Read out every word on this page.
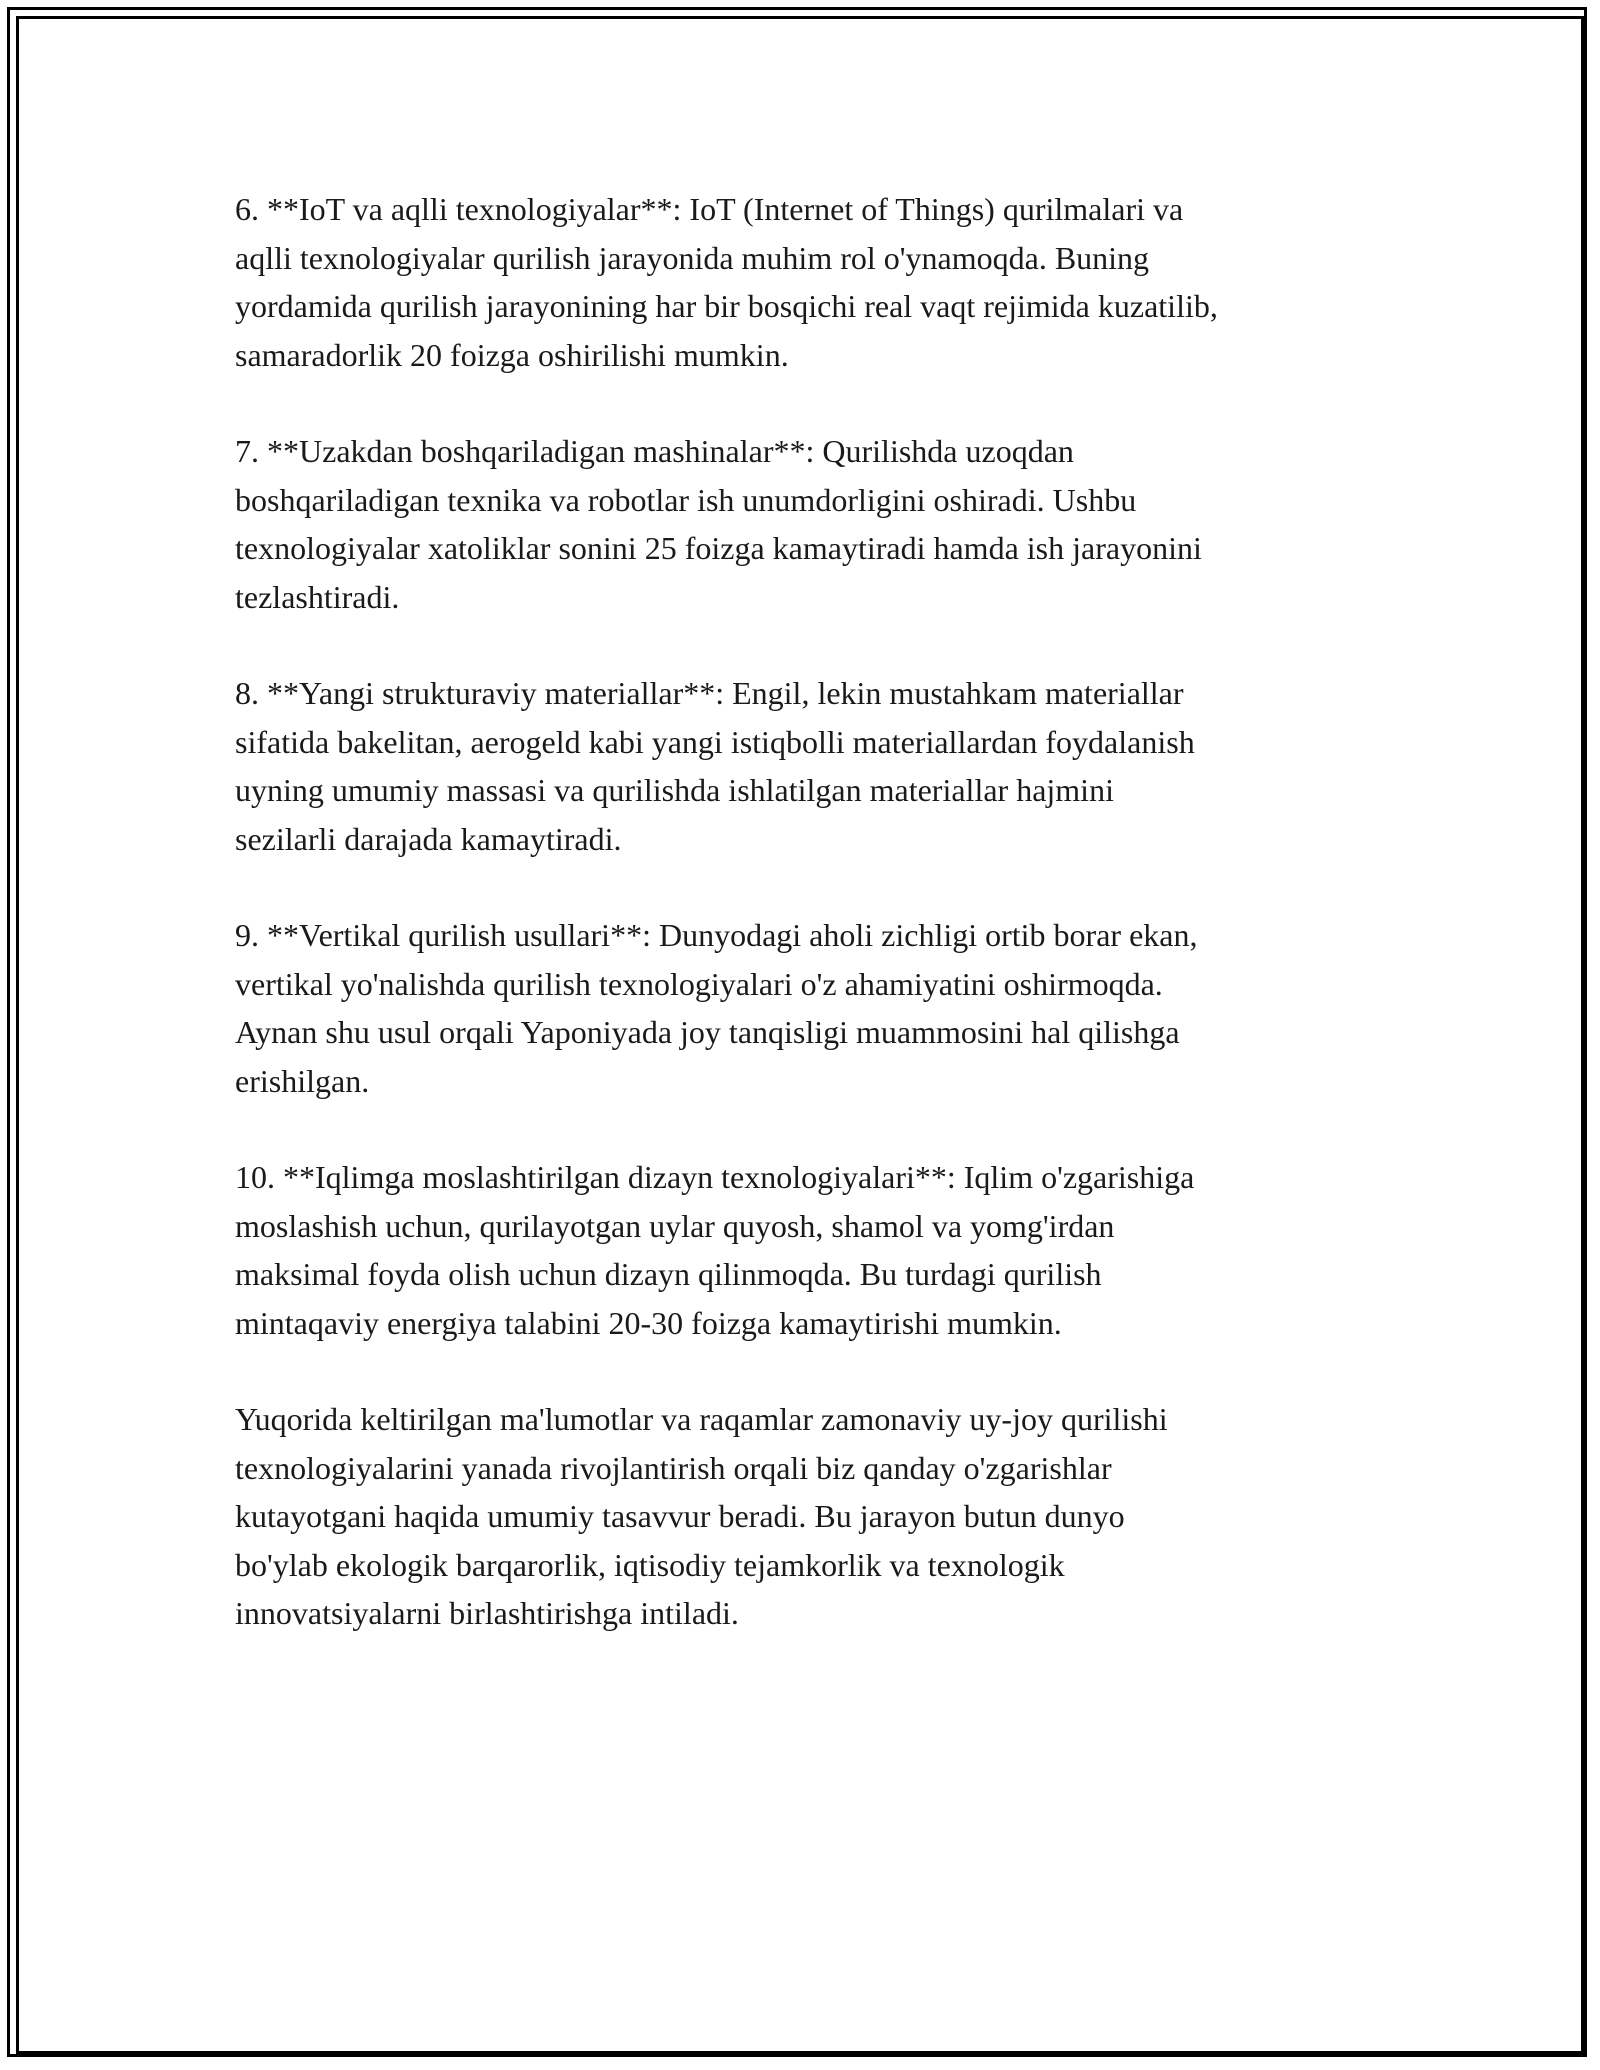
6. **IoT va aqlli texnologiyalar**: IoT (Internet of Things) qurilmalari va
aqlli texnologiyalar qurilish jarayonida muhim rol o'ynamoqda. Buning
yordamida qurilish jarayonining har bir bosqichi real vaqt rejimida kuzatilib,
samaradorlik 20 foizga oshirilishi mumkin.

7. **Uzakdan boshqariladigan mashinalar**: Qurilishda uzoqdan
boshqariladigan texnika va robotlar ish unumdorligini oshiradi. Ushbu
texnologiyalar xatoliklar sonini 25 foizga kamaytiradi hamda ish jarayonini
tezlashtiradi.

8. **Yangi strukturaviy materiallar**: Engil, lekin mustahkam materiallar
sifatida bakelitan, aerogeld kabi yangi istiqbolli materiallardan foydalanish
uyning umumiy massasi va qurilishda ishlatilgan materiallar hajmini
sezilarli darajada kamaytiradi.

9. **Vertikal qurilish usullari**: Dunyodagi aholi zichligi ortib borar ekan,
vertikal yo'nalishda qurilish texnologiyalari o'z ahamiyatini oshirmoqda.
Aynan shu usul orqali Yaponiyada joy tanqisligi muammosini hal qilishga
erishilgan.

10. **Iqlimga moslashtirilgan dizayn texnologiyalari**: Iqlim o'zgarishiga
moslashish uchun, qurilayotgan uylar quyosh, shamol va yomg'irdan
maksimal foyda olish uchun dizayn qilinmoqda. Bu turdagi qurilish
mintaqaviy energiya talabini 20-30 foizga kamaytirishi mumkin.

Yuqorida keltirilgan ma'lumotlar va raqamlar zamonaviy uy-joy qurilishi
texnologiyalarini yanada rivojlantirish orqali biz qanday o'zgarishlar
kutayotgani haqida umumiy tasavvur beradi. Bu jarayon butun dunyo
bo'ylab ekologik barqarorlik, iqtisodiy tejamkorlik va texnologik
innovatsiyalarni birlashtirishga intiladi.
